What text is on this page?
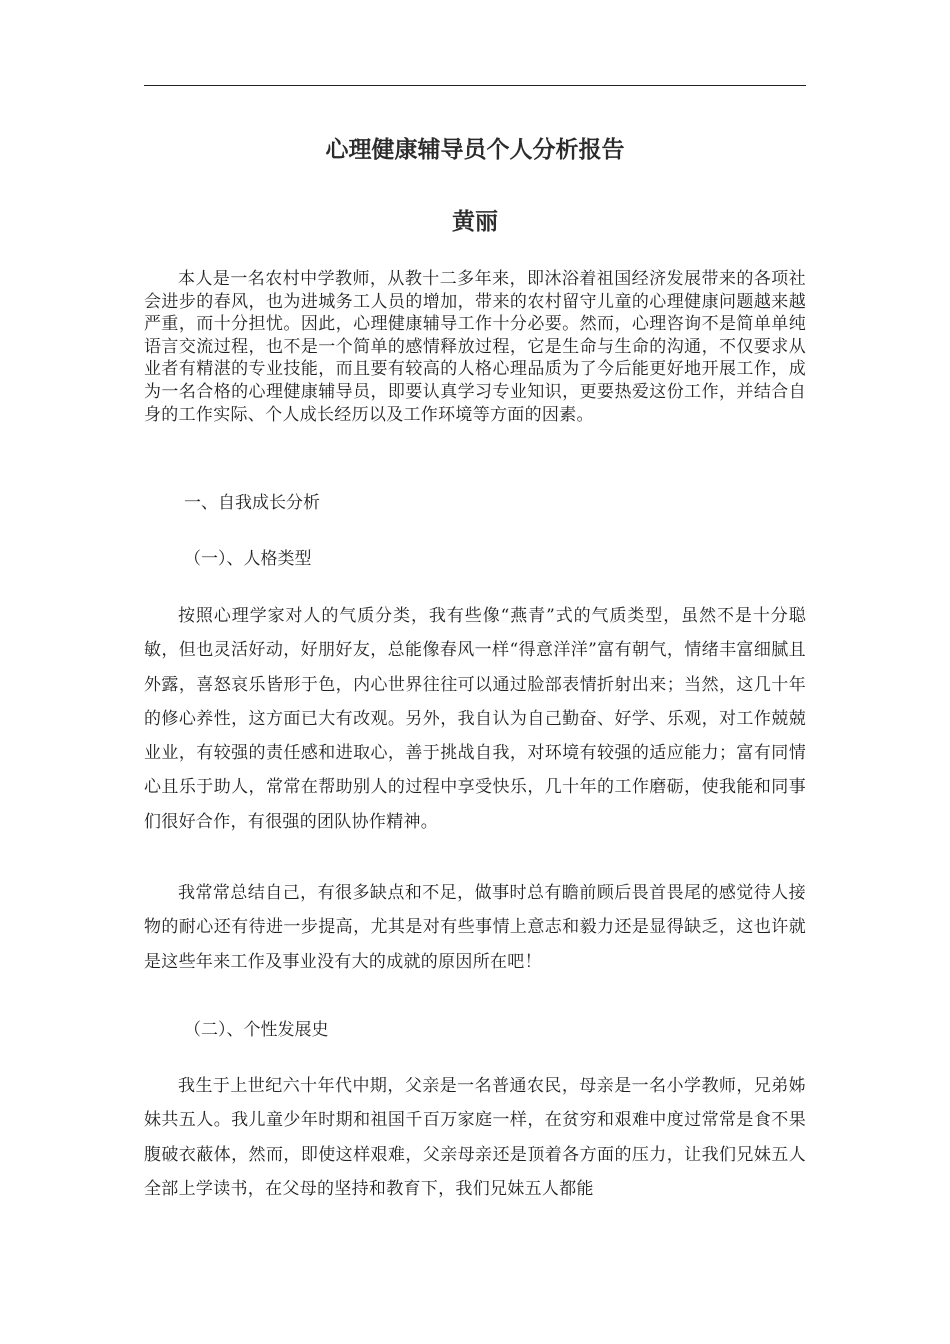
心理健康辅导员个人分析报告
黄丽

本人是一名农村中学教师，从教十二多年来，即沐浴着祖国经济发展带来的各项社会进步的春风，也为进城务工人员的增加，带来的农村留守儿童的心理健康问题越来越严重，而十分担忧。因此，心理健康辅导工作十分必要。然而，心理咨询不是简单单纯语言交流过程，也不是一个简单的感情释放过程，它是生命与生命的沟通，不仅要求从业者有精湛的专业技能，而且要有较高的人格心理品质为了今后能更好地开展工作，成为一名合格的心理健康辅导员，即要认真学习专业知识，更要热爱这份工作，并结合自身的工作实际、个人成长经历以及工作环境等方面的因素。

一、自我成长分析

（一）、人格类型

按照心理学家对人的气质分类，我有些像“燕青”式的气质类型，虽然不是十分聪敏，但也灵活好动，好朋好友，总能像春风一样“得意洋洋”富有朝气，情绪丰富细腻且外露，喜怒哀乐皆形于色，内心世界往往可以通过脸部表情折射出来；当然，这几十年的修心养性，这方面已大有改观。另外，我自认为自己勤奋、好学、乐观，对工作兢兢业业，有较强的责任感和进取心，善于挑战自我，对环境有较强的适应能力；富有同情心且乐于助人，常常在帮助别人的过程中享受快乐，几十年的工作磨砺，使我能和同事们很好合作，有很强的团队协作精神。

我常常总结自己，有很多缺点和不足，做事时总有瞻前顾后畏首畏尾的感觉待人接物的耐心还有待进一步提高，尤其是对有些事情上意志和毅力还是显得缺乏，这也许就是这些年来工作及事业没有大的成就的原因所在吧！

（二）、个性发展史

我生于上世纪六十年代中期，父亲是一名普通农民，母亲是一名小学教师，兄弟姊妹共五人。我儿童少年时期和祖国千百万家庭一样，在贫穷和艰难中度过常常是食不果腹破衣蔽体，然而，即使这样艰难，父亲母亲还是顶着各方面的压力，让我们兄妹五人全部上学读书，在父母的坚持和教育下，我们兄妹五人都能
